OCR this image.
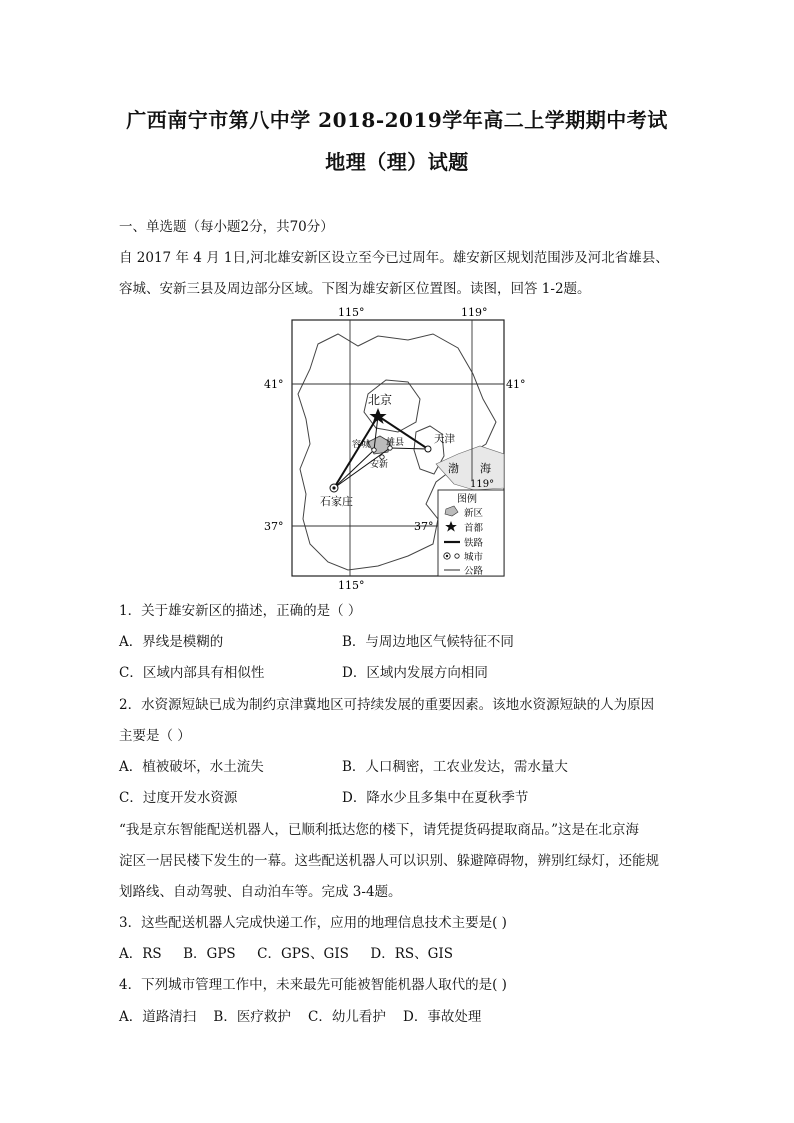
广西南宁市第八中学 2018-2019学年高二上学期期中考试
地理（理）试题
一、单选题（每小题2分，共70分）
自 2017 年 4 月 1日,河北雄安新区设立至今已过周年。雄安新区规划范围涉及河北省雄县、
容城、安新三县及周边部分区域。下图为雄安新区位置图。读图，回答 1-2题。
115°	119°
115°
41°	41°
37°	37°
119°
北京
天津
石家庄
容城 雄县
安新	渤 海
图例
新区
首都
铁路
城市
公路
1．关于雄安新区的描述，正确的是（ ）
A．界线是模糊的	B．与周边地区气候特征不同
C．区域内部具有相似性	D．区域内发展方向相同
2．水资源短缺已成为制约京津冀地区可持续发展的重要因素。该地水资源短缺的人为原因
主要是（ ）
A．植被破坏，水土流失	B．人口稠密，工农业发达，需水量大
C．过度开发水资源	D．降水少且多集中在夏秋季节
“我是京东智能配送机器人，已顺利抵达您的楼下，请凭提货码提取商品。”这是在北京海
淀区一居民楼下发生的一幕。这些配送机器人可以识别、躲避障碍物，辨别红绿灯，还能规
划路线、自动驾驶、自动泊车等。完成 3-4题。
3．这些配送机器人完成快递工作，应用的地理信息技术主要是( )
A．RS     B．GPS     C．GPS、GIS     D．RS、GIS
4．下列城市管理工作中，未来最先可能被智能机器人取代的是( )
A．道路清扫    B．医疗救护    C．幼儿看护    D．事故处理
